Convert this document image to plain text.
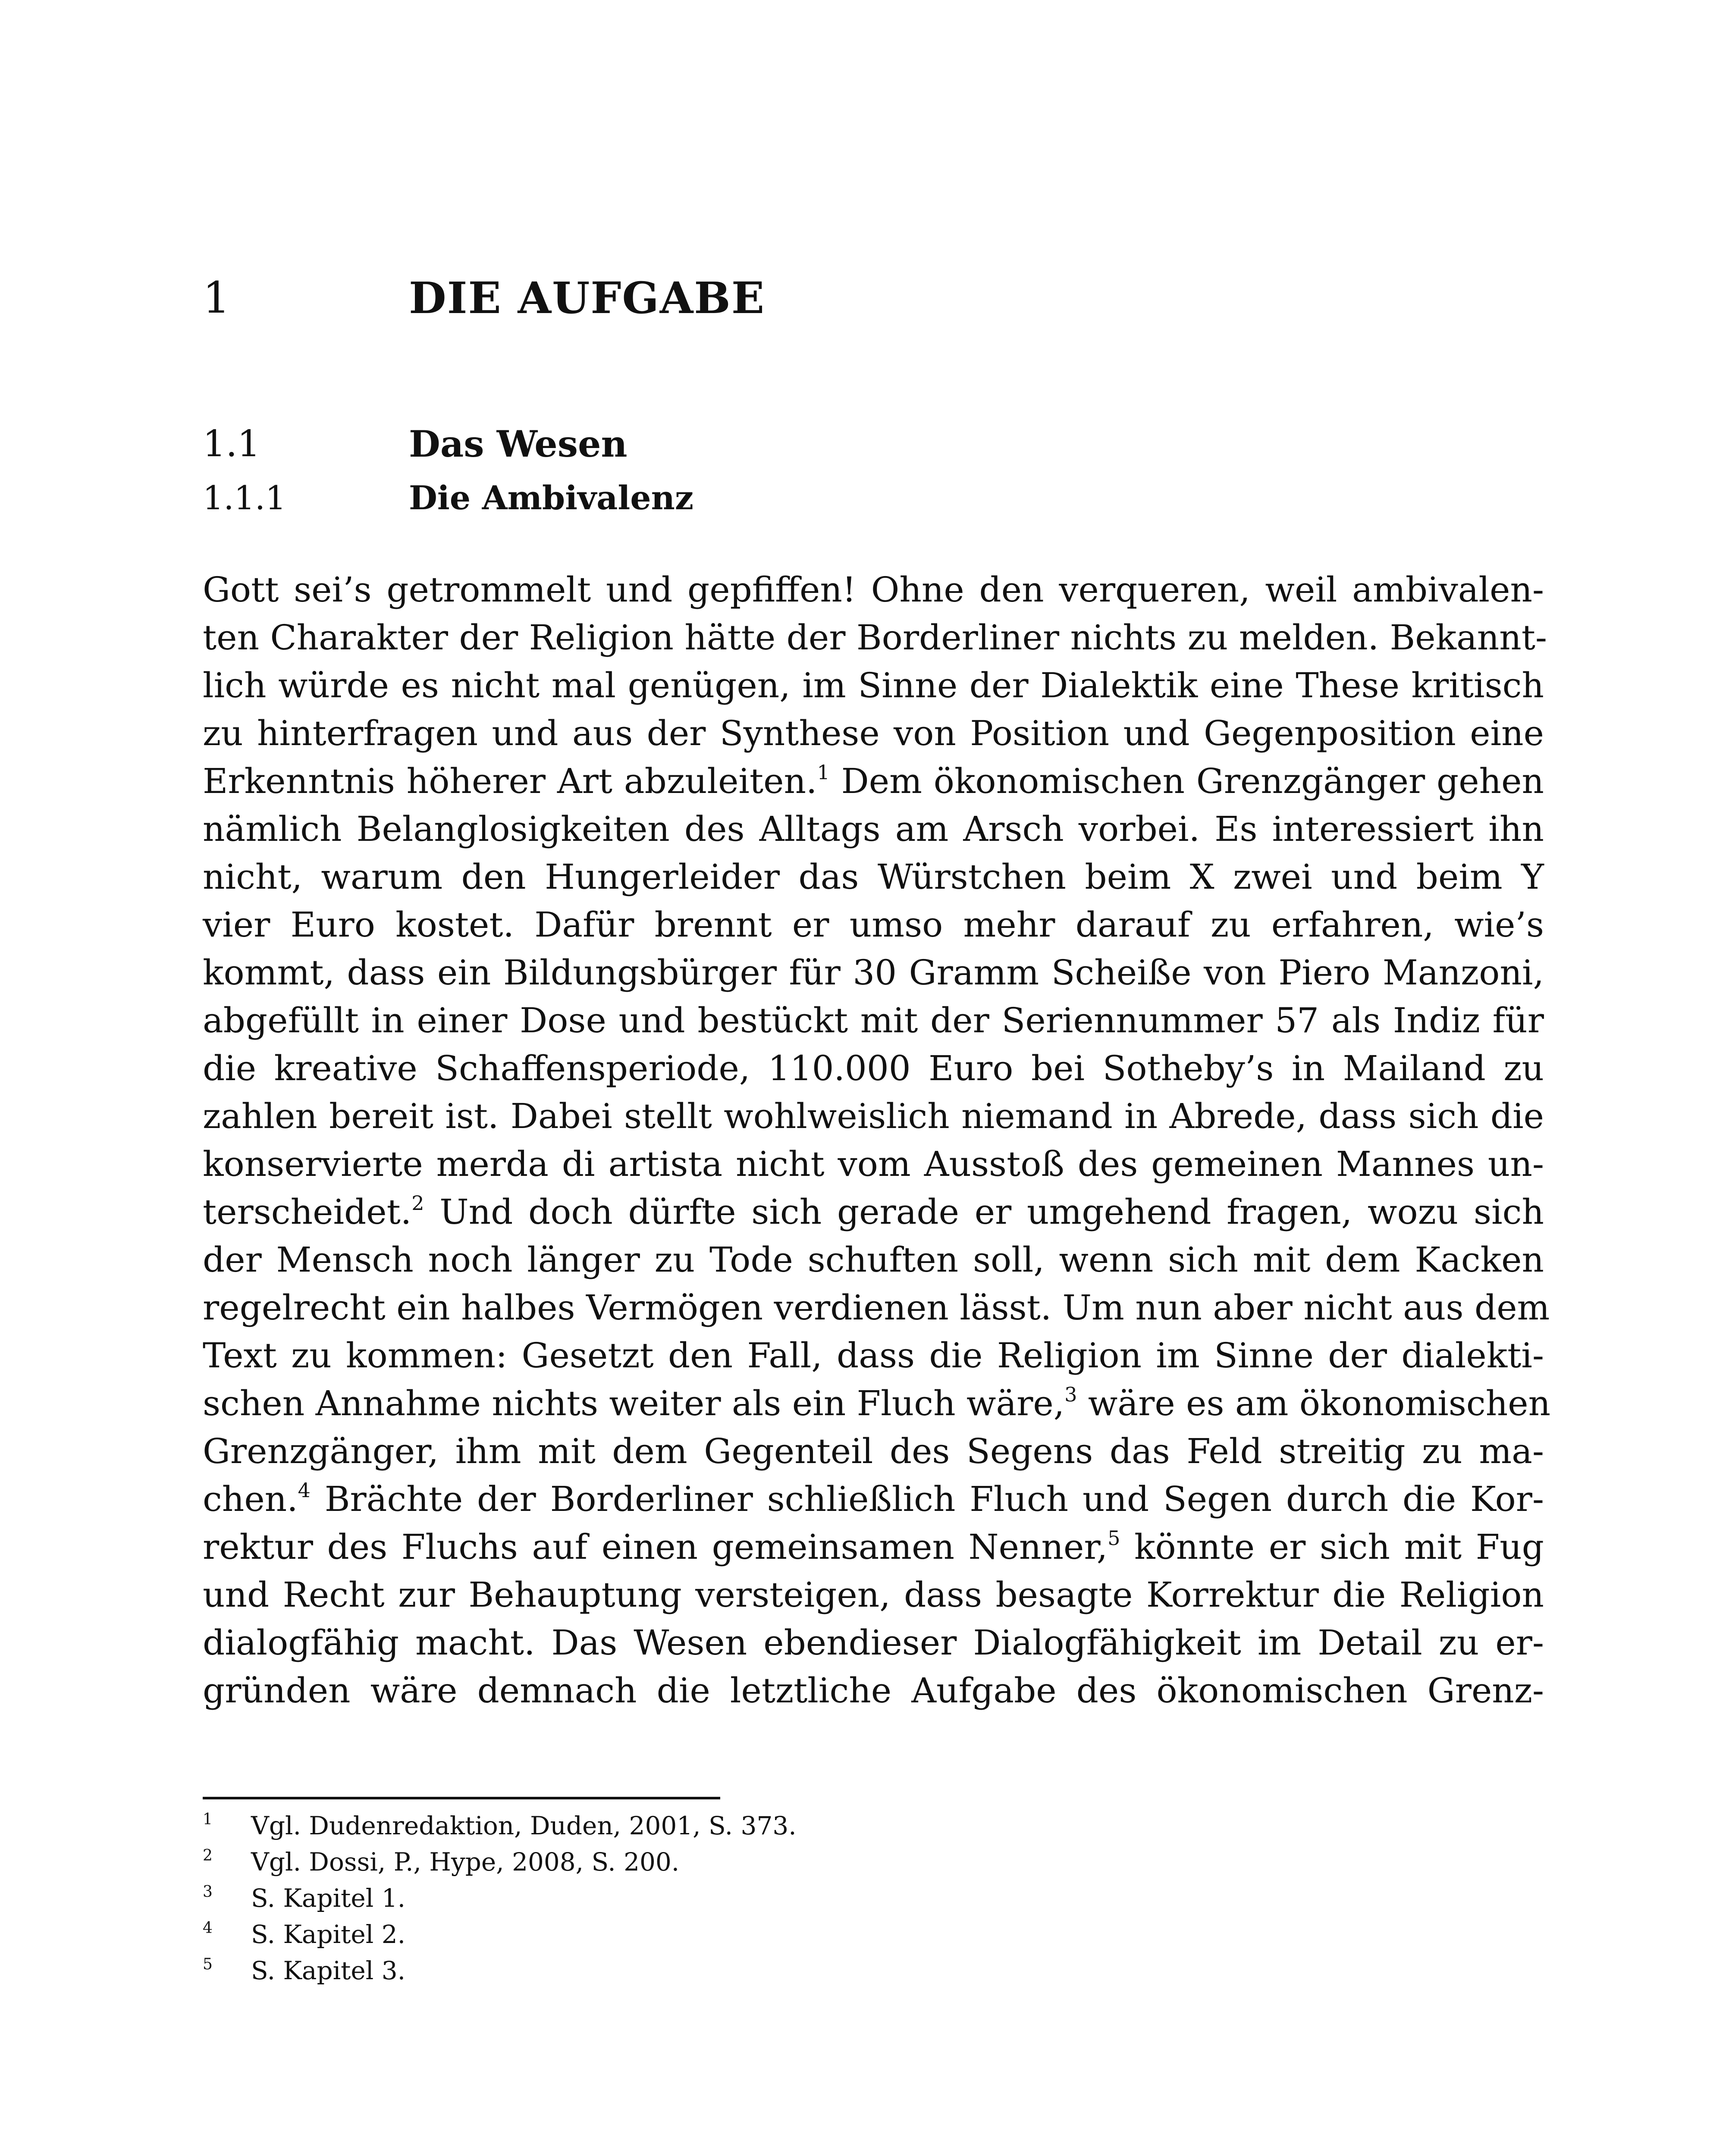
1	DIE AUFGABE
1.1	Das Wesen
1.1.1	Die Ambivalenz
Gott sei’s getrommelt und gepfiffen! Ohne den verqueren, weil ambivalen-
ten Charakter der Religion hätte der Borderliner nichts zu melden. Bekannt-
lich würde es nicht mal genügen, im Sinne der Dialektik eine These kritisch
zu hinterfragen und aus der Synthese von Position und Gegenposition eine
Erkenntnis höherer Art abzuleiten.$^1$ Dem ökonomischen Grenzgänger gehen
nämlich Belanglosigkeiten des Alltags am Arsch vorbei. Es interessiert ihn
nicht, warum den Hungerleider das Würstchen beim X zwei und beim Y
vier Euro kostet. Dafür brennt er umso mehr darauf zu erfahren, wie’s
kommt, dass ein Bildungsbürger für 30 Gramm Scheiße von Piero Manzoni,
abgefüllt in einer Dose und bestückt mit der Seriennummer 57 als Indiz für
die kreative Schaffensperiode, 110.000 Euro bei Sotheby’s in Mailand zu
zahlen bereit ist. Dabei stellt wohlweislich niemand in Abrede, dass sich die
konservierte merda di artista nicht vom Ausstoß des gemeinen Mannes un-
terscheidet.$^2$ Und doch dürfte sich gerade er umgehend fragen, wozu sich
der Mensch noch länger zu Tode schuften soll, wenn sich mit dem Kacken
regelrecht ein halbes Vermögen verdienen lässt. Um nun aber nicht aus dem
Text zu kommen: Gesetzt den Fall, dass die Religion im Sinne der dialekti-
schen Annahme nichts weiter als ein Fluch wäre,$^3$ wäre es am ökonomischen
Grenzgänger, ihm mit dem Gegenteil des Segens das Feld streitig zu ma-
chen.$^4$ Brächte der Borderliner schließlich Fluch und Segen durch die Kor-
rektur des Fluchs auf einen gemeinsamen Nenner,$^5$ könnte er sich mit Fug
und Recht zur Behauptung versteigen, dass besagte Korrektur die Religion
dialogfähig macht. Das Wesen ebendieser Dialogfähigkeit im Detail zu er-
gründen wäre demnach die letztliche Aufgabe des ökonomischen Grenz-
1 Vgl. Dudenredaktion, Duden, 2001, S. 373.
2 Vgl. Dossi, P., Hype, 2008, S. 200.
3 S. Kapitel 1.
4 S. Kapitel 2.
5 S. Kapitel 3.
